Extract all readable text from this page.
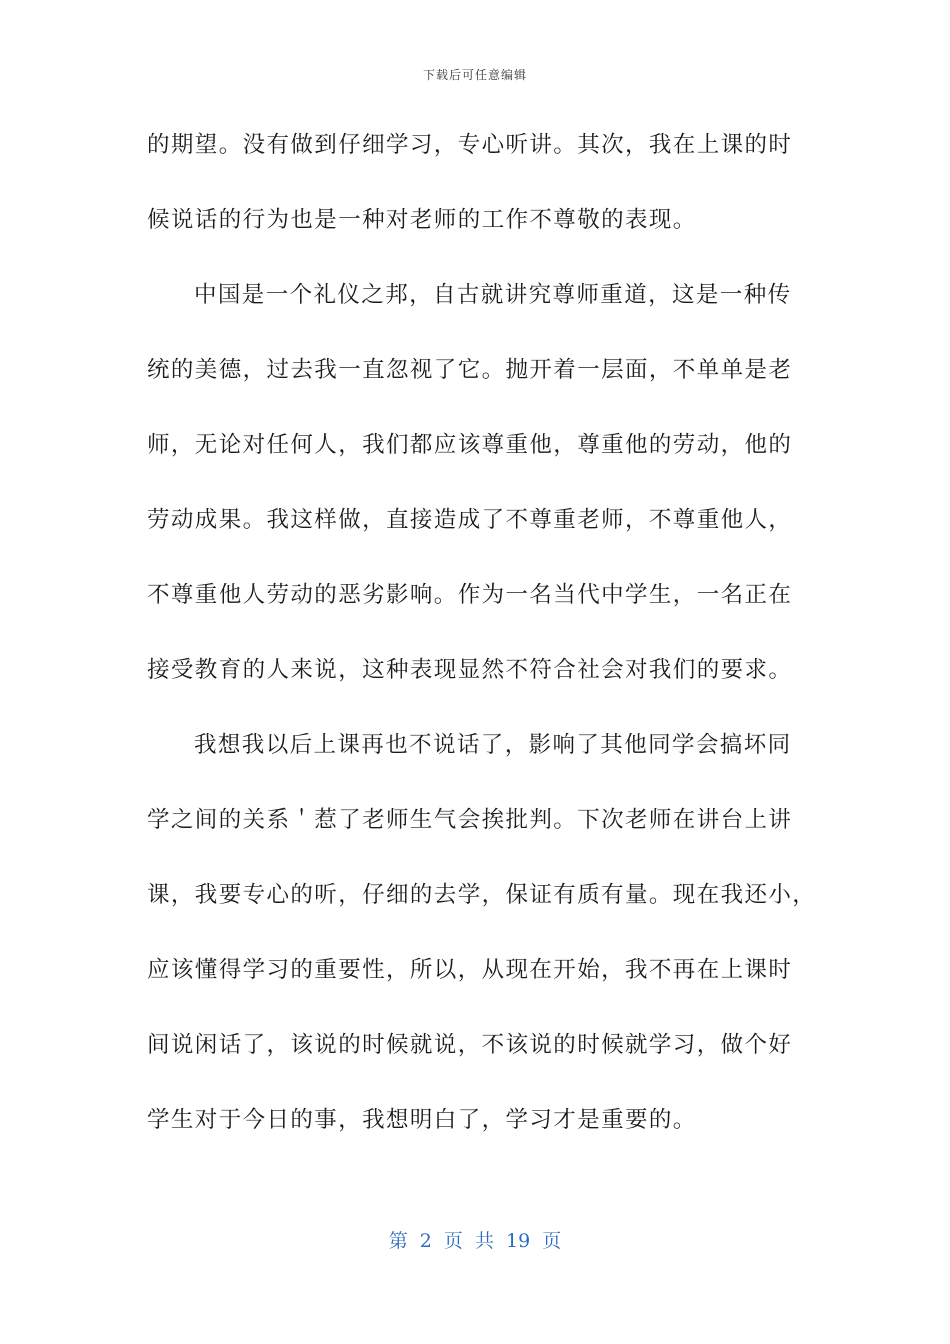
下载后可任意编辑
的期望。没有做到仔细学习，专心听讲。其次，我在上课的时
候说话的行为也是一种对老师的工作不尊敬的表现。
中国是一个礼仪之邦，自古就讲究尊师重道，这是一种传
统的美德，过去我一直忽视了它。抛开着一层面，不单单是老
师，无论对任何人，我们都应该尊重他，尊重他的劳动，他的
劳动成果。我这样做，直接造成了不尊重老师，不尊重他人，
不尊重他人劳动的恶劣影响。作为一名当代中学生，一名正在
接受教育的人来说，这种表现显然不符合社会对我们的要求。
我想我以后上课再也不说话了，影响了其他同学会搞坏同
学之间的关系＇惹了老师生气会挨批判。下次老师在讲台上讲
课，我要专心的听，仔细的去学，保证有质有量。现在我还小，
应该懂得学习的重要性，所以，从现在开始，我不再在上课时
间说闲话了，该说的时候就说，不该说的时候就学习，做个好
学生对于今日的事，我想明白了，学习才是重要的。
第 2 页 共 19 页
